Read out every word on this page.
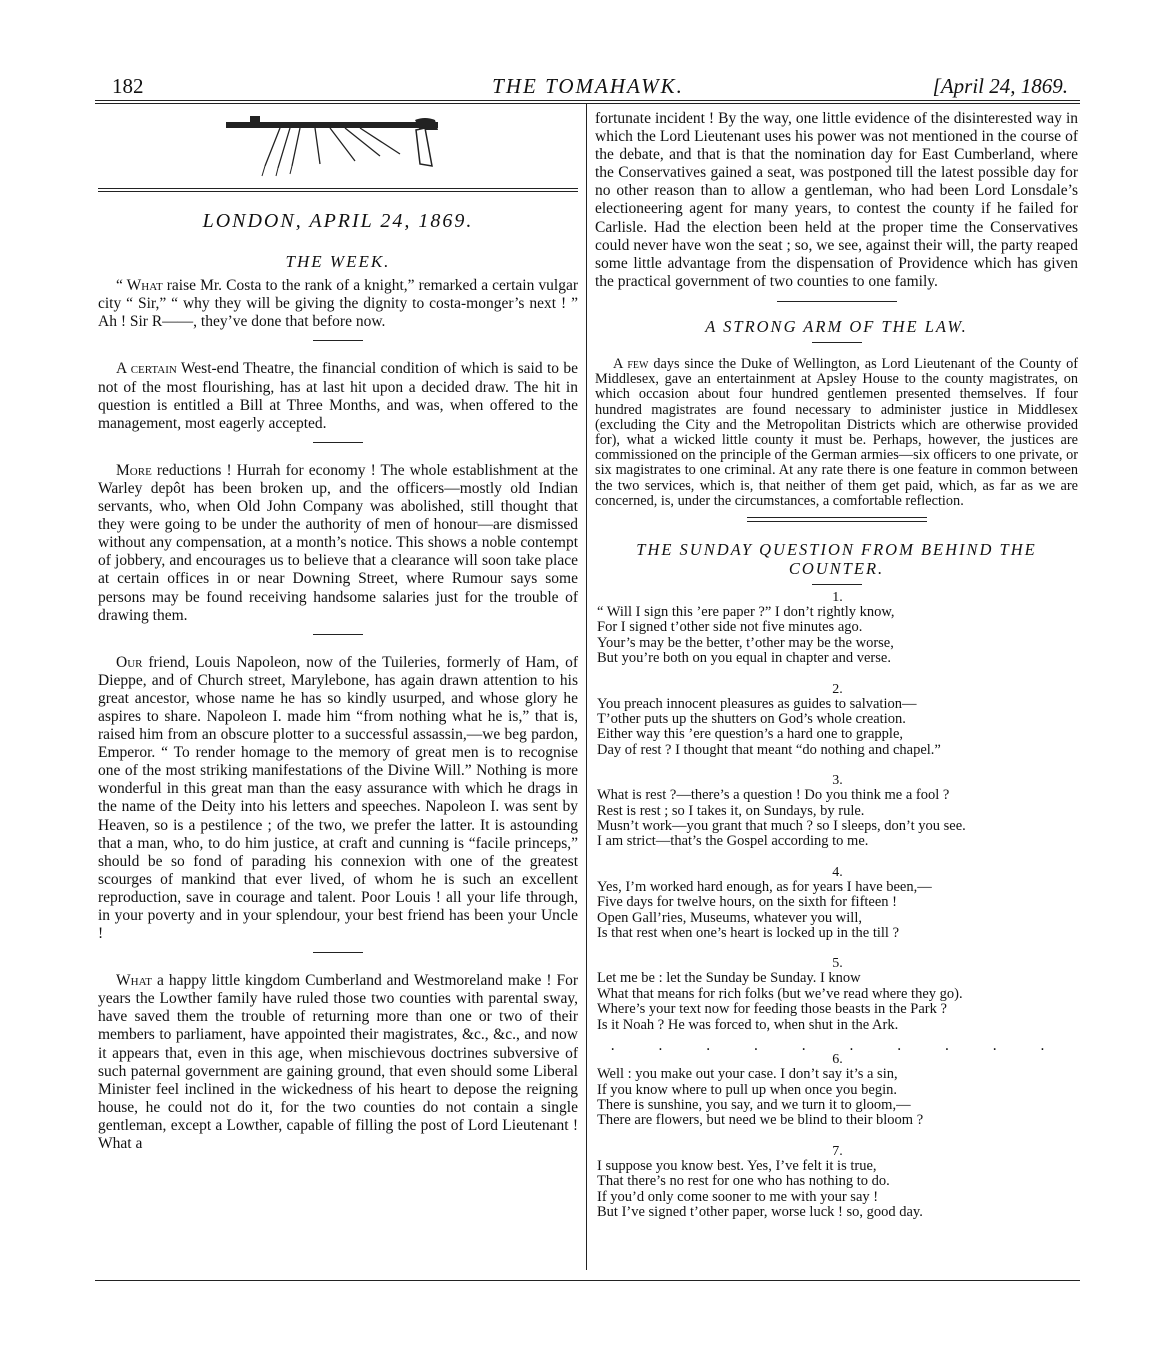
182	THE TOMAHAWK.	[April 24, 1869.
LONDON, APRIL 24, 1869.
THE WEEK.

“ What raise Mr. Costa to the rank of a knight,” remarked a certain vulgar city “ Sir,” “ why they will be giving the dignity to costa-monger’s next ! ” Ah ! Sir R——, they’ve done that before now.

A certain West-end Theatre, the financial condition of which is said to be not of the most flourishing, has at last hit upon a decided draw. The hit in question is entitled a Bill at Three Months, and was, when offered to the management, most eagerly accepted.

More reductions ! Hurrah for economy ! The whole establishment at the Warley depôt has been broken up, and the officers—mostly old Indian servants, who, when Old John Company was abolished, still thought that they were going to be under the authority of men of honour—are dismissed without any compensation, at a month’s notice. This shows a noble contempt of jobbery, and encourages us to believe that a clearance will soon take place at certain offices in or near Downing Street, where Rumour says some persons may be found receiving handsome salaries just for the trouble of drawing them.

Our friend, Louis Napoleon, now of the Tuileries, formerly of Ham, of Dieppe, and of Church street, Marylebone, has again drawn attention to his great ancestor, whose name he has so kindly usurped, and whose glory he aspires to share. Napoleon I. made him “from nothing what he is,” that is, raised him from an obscure plotter to a successful assassin,—we beg pardon, Emperor. “ To render homage to the memory of great men is to recognise one of the most striking manifestations of the Divine Will.” Nothing is more wonderful in this great man than the easy assurance with which he drags in the name of the Deity into his letters and speeches. Napoleon I. was sent by Heaven, so is a pestilence ; of the two, we prefer the latter. It is astounding that a man, who, to do him justice, at craft and cunning is “facile princeps,” should be so fond of parading his connexion with one of the greatest scourges of mankind that ever lived, of whom he is such an excellent reproduction, save in courage and talent. Poor Louis ! all your life through, in your poverty and in your splendour, your best friend has been your Uncle !

What a happy little kingdom Cumberland and Westmoreland make ! For years the Lowther family have ruled those two counties with parental sway, have saved them the trouble of returning more than one or two of their members to parliament, have appointed their magistrates, &c., &c., and now it appears that, even in this age, when mischievous doctrines subversive of such paternal government are gaining ground, that even should some Liberal Minister feel inclined in the wickedness of his heart to depose the reigning house, he could not do it, for the two counties do not contain a single gentleman, except a Lowther, capable of filling the post of Lord Lieutenant ! What a

fortunate incident ! By the way, one little evidence of the disinterested way in which the Lord Lieutenant uses his power was not mentioned in the course of the debate, and that is that the nomination day for East Cumberland, where the Conservatives gained a seat, was postponed till the latest possible day for no other reason than to allow a gentleman, who had been Lord Lonsdale’s electioneering agent for many years, to contest the county if he failed for Carlisle. Had the election been held at the proper time the Conservatives could never have won the seat ; so, we see, against their will, the party reaped some little advantage from the dispensation of Providence which has given the practical government of two counties to one family.

A STRONG ARM OF THE LAW.

A few days since the Duke of Wellington, as Lord Lieutenant of the County of Middlesex, gave an entertainment at Apsley House to the county magistrates, on which occasion about four hundred gentlemen presented themselves. If four hundred magistrates are found necessary to administer justice in Middlesex (excluding the City and the Metropolitan Districts which are otherwise provided for), what a wicked little county it must be. Perhaps, however, the justices are commissioned on the principle of the German armies—six officers to one private, or six magistrates to one criminal. At any rate there is one feature in common between the two services, which is, that neither of them get paid, which, as far as we are concerned, is, under the circumstances, a comfortable reflection.

THE SUNDAY QUESTION FROM BEHIND THE COUNTER.
1.
“ Will I sign this ’ere paper ?” I don’t rightly know,
For I signed t’other side not five minutes ago.
Your’s may be the better, t’other may be the worse,
But you’re both on you equal in chapter and verse.
2.
You preach innocent pleasures as guides to salvation—
T’other puts up the shutters on God’s whole creation.
Either way this ’ere question’s a hard one to grapple,
Day of rest ? I thought that meant “do nothing and chapel.”
3.
What is rest ?—there’s a question ! Do you think me a fool ?
Rest is rest ; so I takes it, on Sundays, by rule.
Musn’t work—you grant that much ? so I sleeps, don’t you see.
I am strict—that’s the Gospel according to me.
4.
Yes, I’m worked hard enough, as for years I have been,—
Five days for twelve hours, on the sixth for fifteen !
Open Gall’ries, Museums, whatever you will,
Is that rest when one’s heart is locked up in the till ?
5.
Let me be : let the Sunday be Sunday. I know
What that means for rich folks (but we’ve read where they go).
Where’s your text now for feeding those beasts in the Park ?
Is it Noah ? He was forced to, when shut in the Ark.
. . . . . . . . . .
6.
Well : you make out your case. I don’t say it’s a sin,
If you know where to pull up when once you begin.
There is sunshine, you say, and we turn it to gloom,—
There are flowers, but need we be blind to their bloom ?
7.
I suppose you know best. Yes, I’ve felt it is true,
That there’s no rest for one who has nothing to do.
If you’d only come sooner to me with your say !
But I’ve signed t’other paper, worse luck ! so, good day.
